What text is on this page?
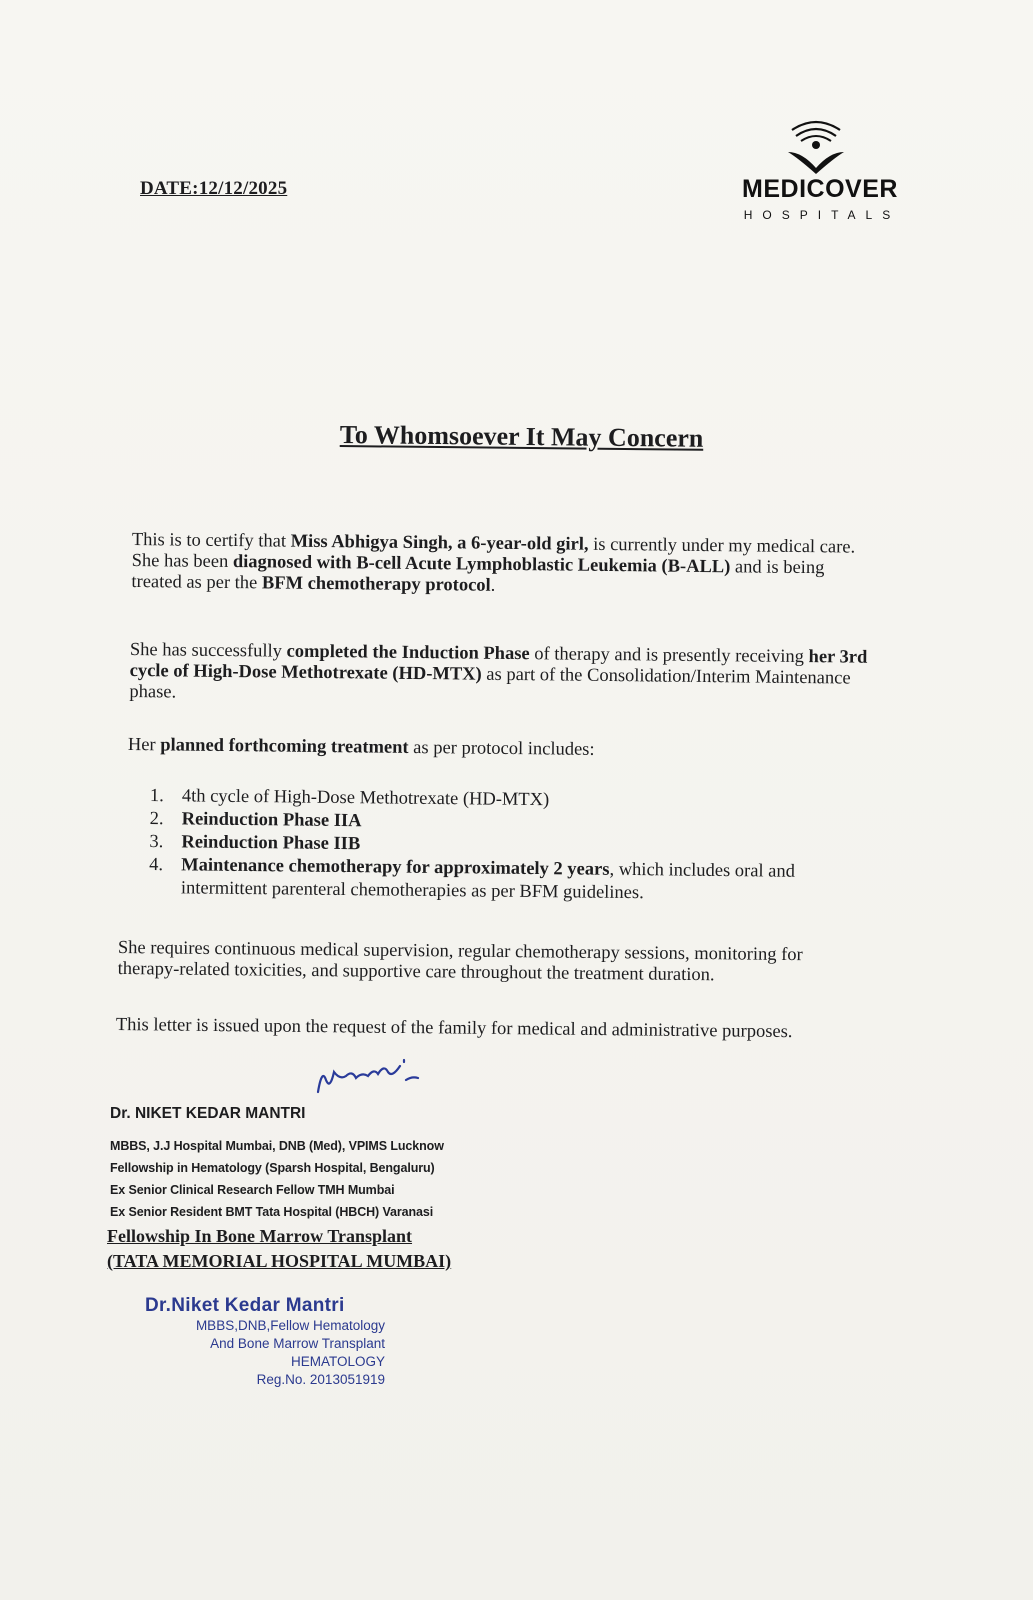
DATE:12/12/2025	MEDICOVER
HOSPITALS
To Whomsoever It May Concern
This is to certify that Miss Abhigya Singh, a 6-year-old girl, is currently under my medical care. She has been diagnosed with B-cell Acute Lymphoblastic Leukemia (B-ALL) and is being treated as per the BFM chemotherapy protocol.
She has successfully completed the Induction Phase of therapy and is presently receiving her 3rd cycle of High-Dose Methotrexate (HD-MTX) as part of the Consolidation/Interim Maintenance phase.
Her planned forthcoming treatment as per protocol includes:
1. 4th cycle of High-Dose Methotrexate (HD-MTX)
2. Reinduction Phase IIA
3. Reinduction Phase IIB
4. Maintenance chemotherapy for approximately 2 years, which includes oral and intermittent parenteral chemotherapies as per BFM guidelines.
She requires continuous medical supervision, regular chemotherapy sessions, monitoring for therapy-related toxicities, and supportive care throughout the treatment duration.
This letter is issued upon the request of the family for medical and administrative purposes.
Dr. NIKET KEDAR MANTRI
MBBS, J.J Hospital Mumbai, DNB (Med), VPIMS Lucknow
Fellowship in Hematology (Sparsh Hospital, Bengaluru)
Ex Senior Clinical Research Fellow TMH Mumbai
Ex Senior Resident BMT Tata Hospital (HBCH) Varanasi
Fellowship In Bone Marrow Transplant
(TATA MEMORIAL HOSPITAL MUMBAI)
Dr.Niket Kedar Mantri
MBBS,DNB,Fellow Hematology
And Bone Marrow Transplant
HEMATOLOGY
Reg.No. 2013051919
